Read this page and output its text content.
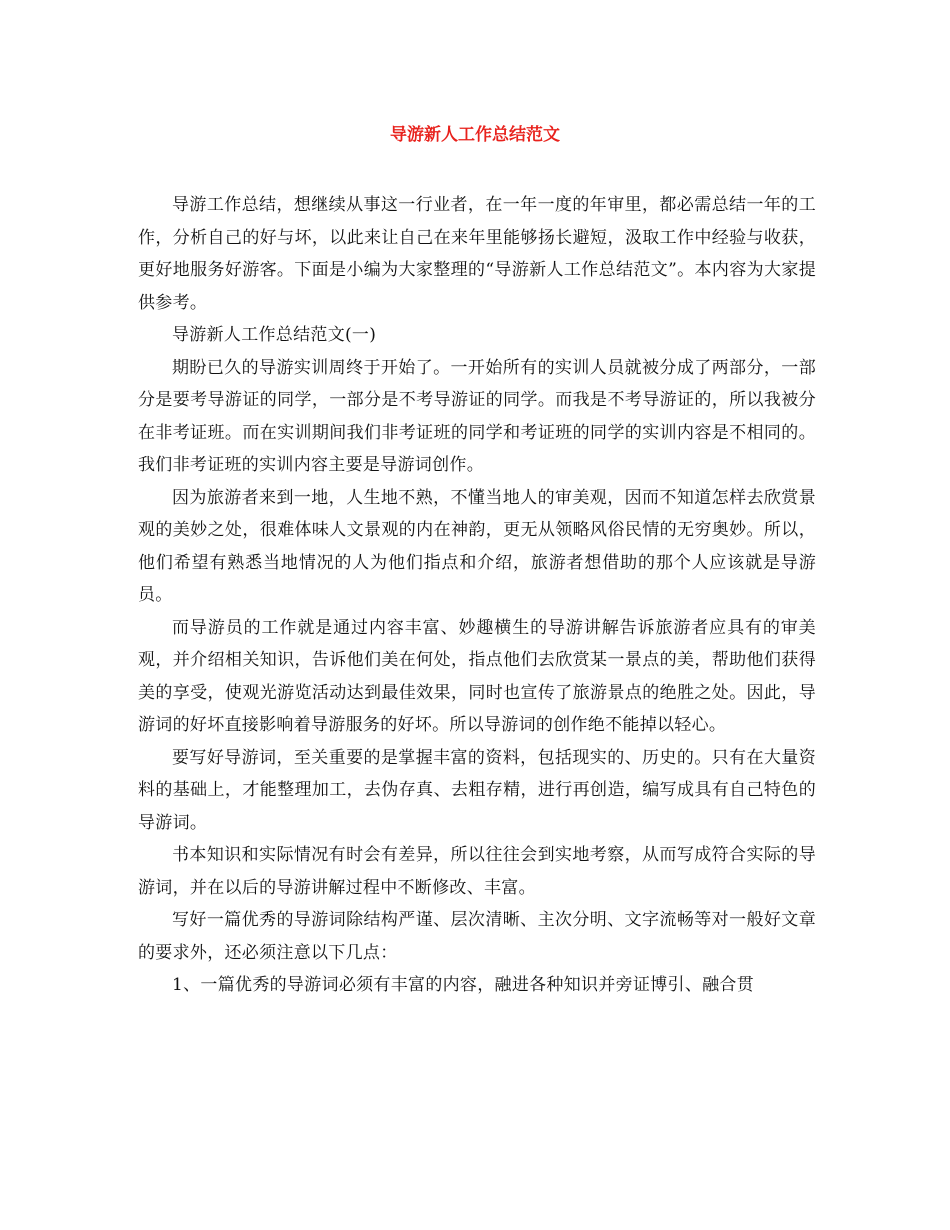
导游新人工作总结范文

导游工作总结，想继续从事这一行业者，在一年一度的年审里，都必需总结一年的工作，分析自己的好与坏，以此来让自己在来年里能够扬长避短，汲取工作中经验与收获，更好地服务好游客。下面是小编为大家整理的“导游新人工作总结范文”。本内容为大家提供参考。

导游新人工作总结范文(一)

期盼已久的导游实训周终于开始了。一开始所有的实训人员就被分成了两部分，一部分是要考导游证的同学，一部分是不考导游证的同学。而我是不考导游证的，所以我被分在非考证班。而在实训期间我们非考证班的同学和考证班的同学的实训内容是不相同的。我们非考证班的实训内容主要是导游词创作。

因为旅游者来到一地，人生地不熟，不懂当地人的审美观，因而不知道怎样去欣赏景观的美妙之处，很难体味人文景观的内在神韵，更无从领略风俗民情的无穷奥妙。所以，他们希望有熟悉当地情况的人为他们指点和介绍，旅游者想借助的那个人应该就是导游员。

而导游员的工作就是通过内容丰富、妙趣横生的导游讲解告诉旅游者应具有的审美观，并介绍相关知识，告诉他们美在何处，指点他们去欣赏某一景点的美，帮助他们获得美的享受，使观光游览活动达到最佳效果，同时也宣传了旅游景点的绝胜之处。因此，导游词的好坏直接影响着导游服务的好坏。所以导游词的创作绝不能掉以轻心。

要写好导游词，至关重要的是掌握丰富的资料，包括现实的、历史的。只有在大量资料的基础上，才能整理加工，去伪存真、去粗存精，进行再创造，编写成具有自己特色的导游词。

书本知识和实际情况有时会有差异，所以往往会到实地考察，从而写成符合实际的导游词，并在以后的导游讲解过程中不断修改、丰富。

写好一篇优秀的导游词除结构严谨、层次清晰、主次分明、文字流畅等对一般好文章的要求外，还必须注意以下几点：

1、一篇优秀的导游词必须有丰富的内容，融进各种知识并旁证博引、融合贯
